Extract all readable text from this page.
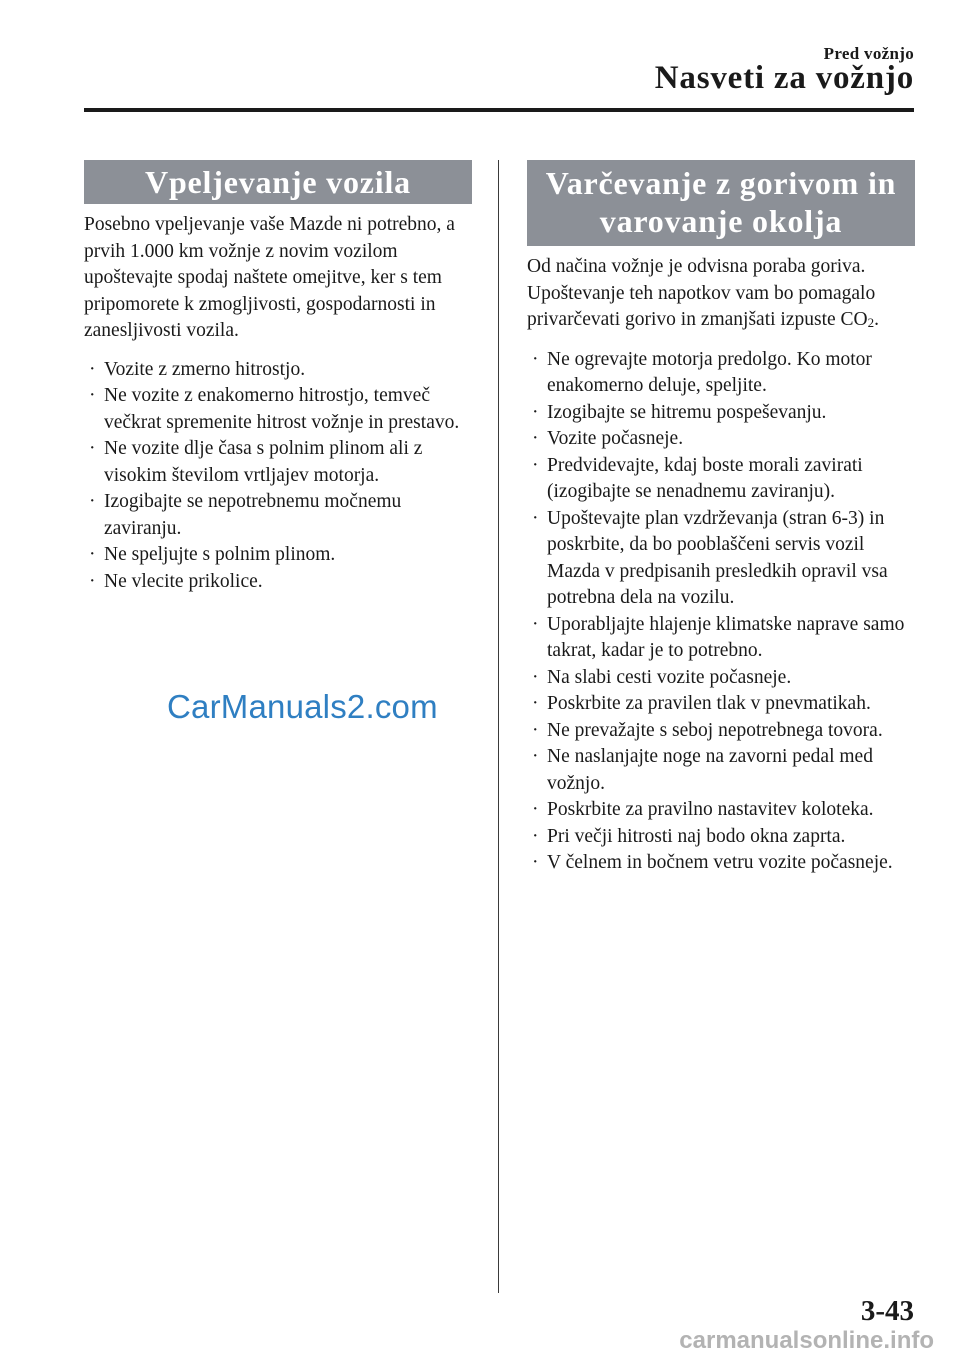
Pred vožnjo
Nasveti za vožnjo
Vpeljevanje vozila

Posebno vpeljevanje vaše Mazde ni potrebno, a prvih 1.000 km vožnje z novim vozilom upoštevajte spodaj naštete omejitve, ker s tem pripomorete k zmogljivosti, gospodarnosti in zanesljivosti vozila.

· Vozite z zmerno hitrostjo.
· Ne vozite z enakomerno hitrostjo, temveč večkrat spremenite hitrost vožnje in prestavo.
· Ne vozite dlje časa s polnim plinom ali z visokim številom vrtljajev motorja.
· Izogibajte se nepotrebnemu močnemu zaviranju.
· Ne speljujte s polnim plinom.
· Ne vlecite prikolice.
Varčevanje z gorivom in
varovanje okolja

Od načina vožnje je odvisna poraba goriva. Upoštevanje teh napotkov vam bo pomagalo privarčevati gorivo in zmanjšati izpuste $CO_2$.

· Ne ogrevajte motorja predolgo. Ko motor enakomerno deluje, speljite.
· Izogibajte se hitremu pospeševanju.
· Vozite počasneje.
· Predvidevajte, kdaj boste morali zavirati (izogibajte se nenadnemu zaviranju).
· Upoštevajte plan vzdrževanja (stran 6-3) in poskrbite, da bo pooblaščeni servis vozil Mazda v predpisanih presledkih opravil vsa potrebna dela na vozilu.
· Uporabljajte hlajenje klimatske naprave samo takrat, kadar je to potrebno.
· Na slabi cesti vozite počasneje.
· Poskrbite za pravilen tlak v pnevmatikah.
· Ne prevažajte s seboj nepotrebnega tovora.
· Ne naslanjajte noge na zavorni pedal med vožnjo.
· Poskrbite za pravilno nastavitev koloteka.
· Pri večji hitrosti naj bodo okna zaprta.
· V čelnem in bočnem vetru vozite počasneje.
CarManuals2.com
3-43
carmanualsonline.info
